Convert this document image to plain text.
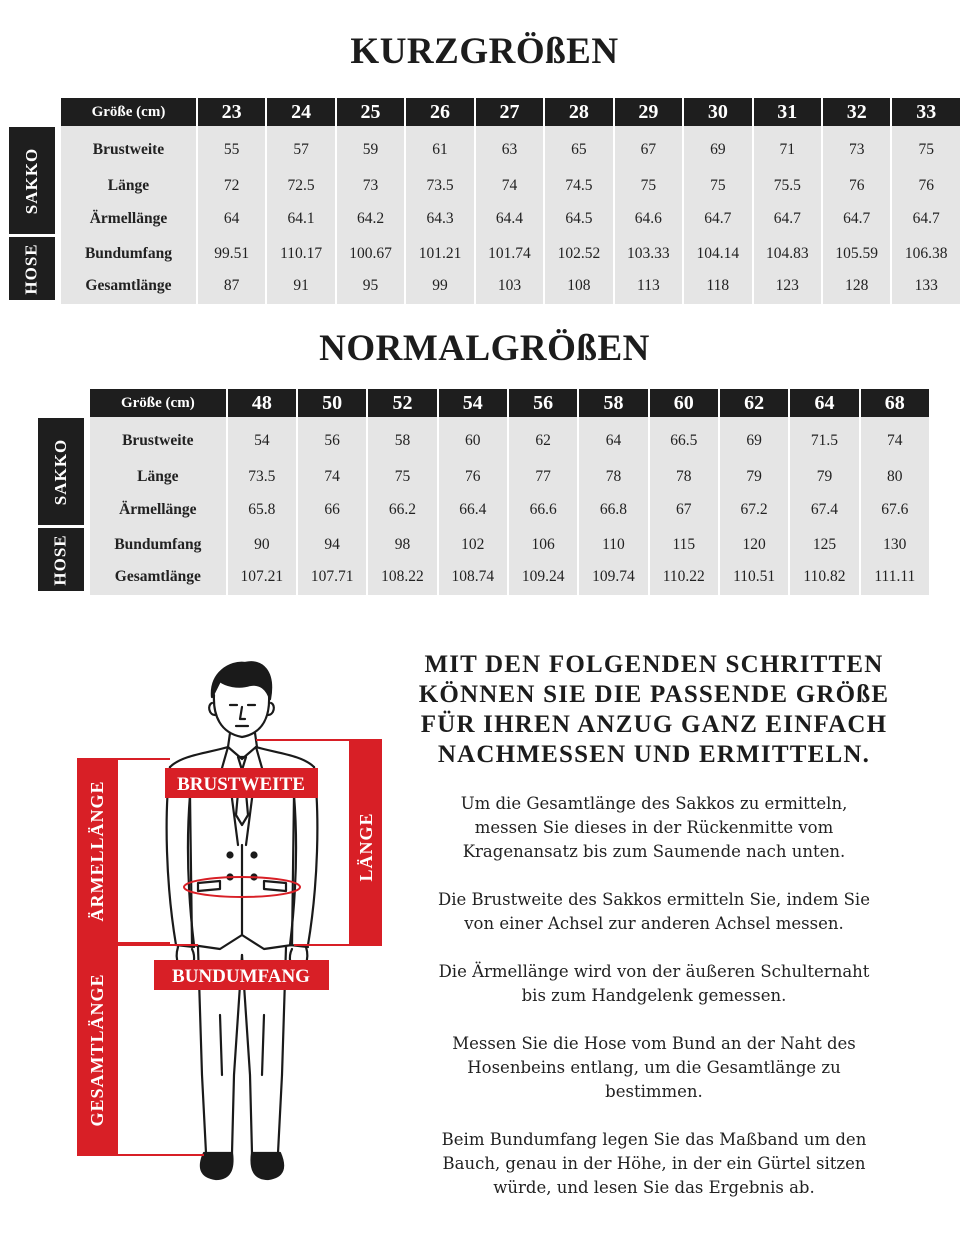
KURZGRÖßEN
SAKKO
HOSE
Größe (cm)	23	24	25	26	27	28	29	30	31	32	33
Brustweite	55	57	59	61	63	65	67	69	71	73	75
Länge	72	72.5	73	73.5	74	74.5	75	75	75.5	76	76
Ärmellänge	64	64.1	64.2	64.3	64.4	64.5	64.6	64.7	64.7	64.7	64.7
Bundumfang	99.51	110.17	100.67	101.21	101.74	102.52	103.33	104.14	104.83	105.59	106.38
Gesamtlänge	87	91	95	99	103	108	113	118	123	128	133
NORMALGRÖßEN
SAKKO
HOSE
Größe (cm)	48	50	52	54	56	58	60	62	64	68
Brustweite	54	56	58	60	62	64	66.5	69	71.5	74
Länge	73.5	74	75	76	77	78	78	79	79	80
Ärmellänge	65.8	66	66.2	66.4	66.6	66.8	67	67.2	67.4	67.6
Bundumfang	90	94	98	102	106	110	115	120	125	130
Gesamtlänge	107.21	107.71	108.22	108.74	109.24	109.74	110.22	110.51	110.82	111.11
ÄRMELLÄNGE	LÄNGE
BRUSTWEITE
GESAMTLÄNGE	BUNDUMFANG
MIT DEN FOLGENDEN SCHRITTEN
KÖNNEN SIE DIE PASSENDE GRÖßE
FÜR IHREN ANZUG GANZ EINFACH
NACHMESSEN UND ERMITTELN.
Um die Gesamtlänge des Sakkos zu ermitteln,
messen Sie dieses in der Rückenmitte vom
Kragenansatz bis zum Saumende nach unten.
Die Brustweite des Sakkos ermitteln Sie, indem Sie
von einer Achsel zur anderen Achsel messen.
Die Ärmellänge wird von der äußeren Schulternaht
bis zum Handgelenk gemessen.
Messen Sie die Hose vom Bund an der Naht des
Hosenbeins entlang, um die Gesamtlänge zu
bestimmen.
Beim Bundumfang legen Sie das Maßband um den
Bauch, genau in der Höhe, in der ein Gürtel sitzen
würde, und lesen Sie das Ergebnis ab.
